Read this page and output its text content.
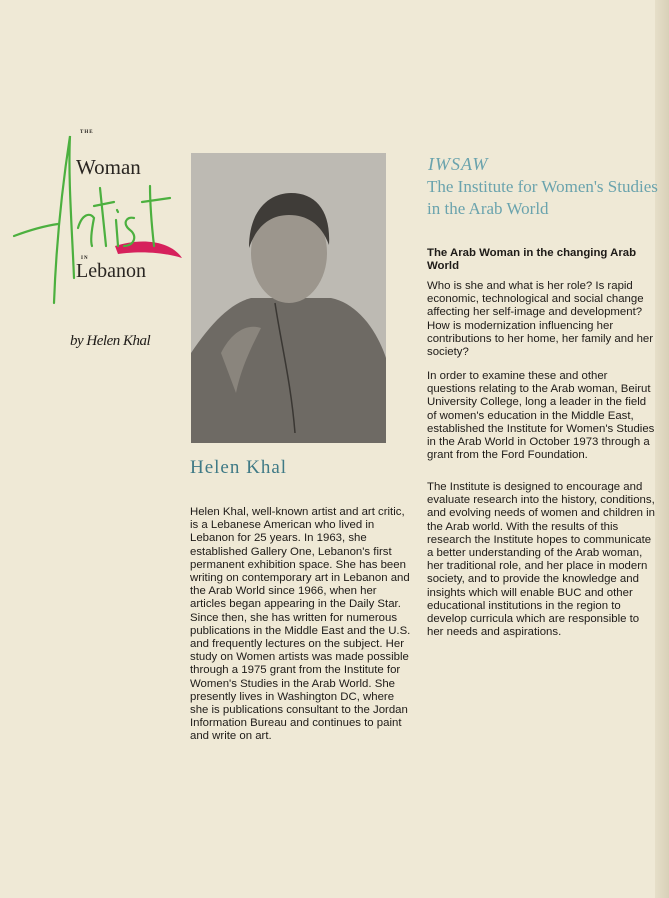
THE
Woman
IN
Lebanon
by Helen Khal
Helen Khal
Helen Khal, well-known artist and art critic, is a Lebanese American who lived in Lebanon for 25 years. In 1963, she established Gallery One, Lebanon's first permanent exhibition space. She has been writing on contemporary art in Lebanon and the Arab World since 1966, when her articles began appearing in the Daily Star. Since then, she has written for numerous publications in the Middle East and the U.S. and frequently lectures on the subject. Her study on Women artists was made possible through a 1975 grant from the Institute for Women's Studies in the Arab World. She presently lives in Washington DC, where she is publications consultant to the Jordan Information Bureau and continues to paint and write on art.
IWSAW
The Institute for Women's Studies in the Arab World
The Arab Woman in the changing Arab World

Who is she and what is her role? Is rapid economic, technological and social change affecting her self-image and development? How is modernization influencing her contributions to her home, her family and her society?

In order to examine these and other questions relating to the Arab woman, Beirut University College, long a leader in the field of women's education in the Middle East, established the Institute for Women's Studies in the Arab World in October 1973 through a grant from the Ford Foundation.

The Institute is designed to encourage and evaluate research into the history, conditions, and evolving needs of women and children in the Arab world. With the results of this research the Institute hopes to communicate a better understanding of the Arab woman, her traditional role, and her place in modern society, and to provide the knowledge and insights which will enable BUC and other educational institutions in the region to develop curricula which are responsible to her needs and aspirations.
